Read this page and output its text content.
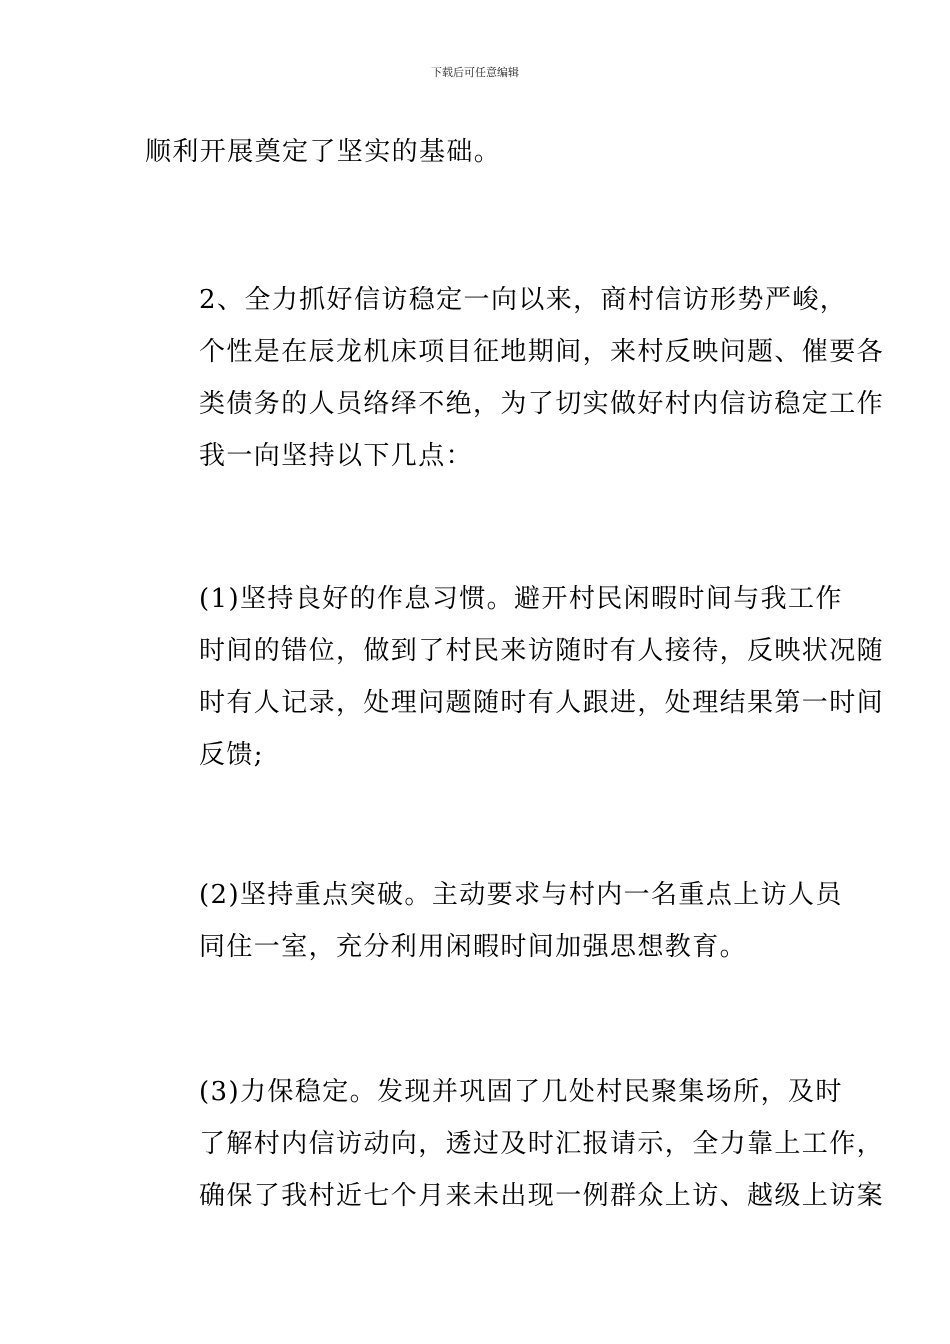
下载后可任意编辑
顺利开展奠定了坚实的基础。
2、全力抓好信访稳定一向以来，商村信访形势严峻，
个性是在辰龙机床项目征地期间，来村反映问题、催要各
类债务的人员络绎不绝，为了切实做好村内信访稳定工作
我一向坚持以下几点：
(1)坚持良好的作息习惯。避开村民闲暇时间与我工作
时间的错位，做到了村民来访随时有人接待，反映状况随
时有人记录，处理问题随时有人跟进，处理结果第一时间
反馈;
(2)坚持重点突破。主动要求与村内一名重点上访人员
同住一室，充分利用闲暇时间加强思想教育。
(3)力保稳定。发现并巩固了几处村民聚集场所，及时
了解村内信访动向，透过及时汇报请示，全力靠上工作，
确保了我村近七个月来未出现一例群众上访、越级上访案
